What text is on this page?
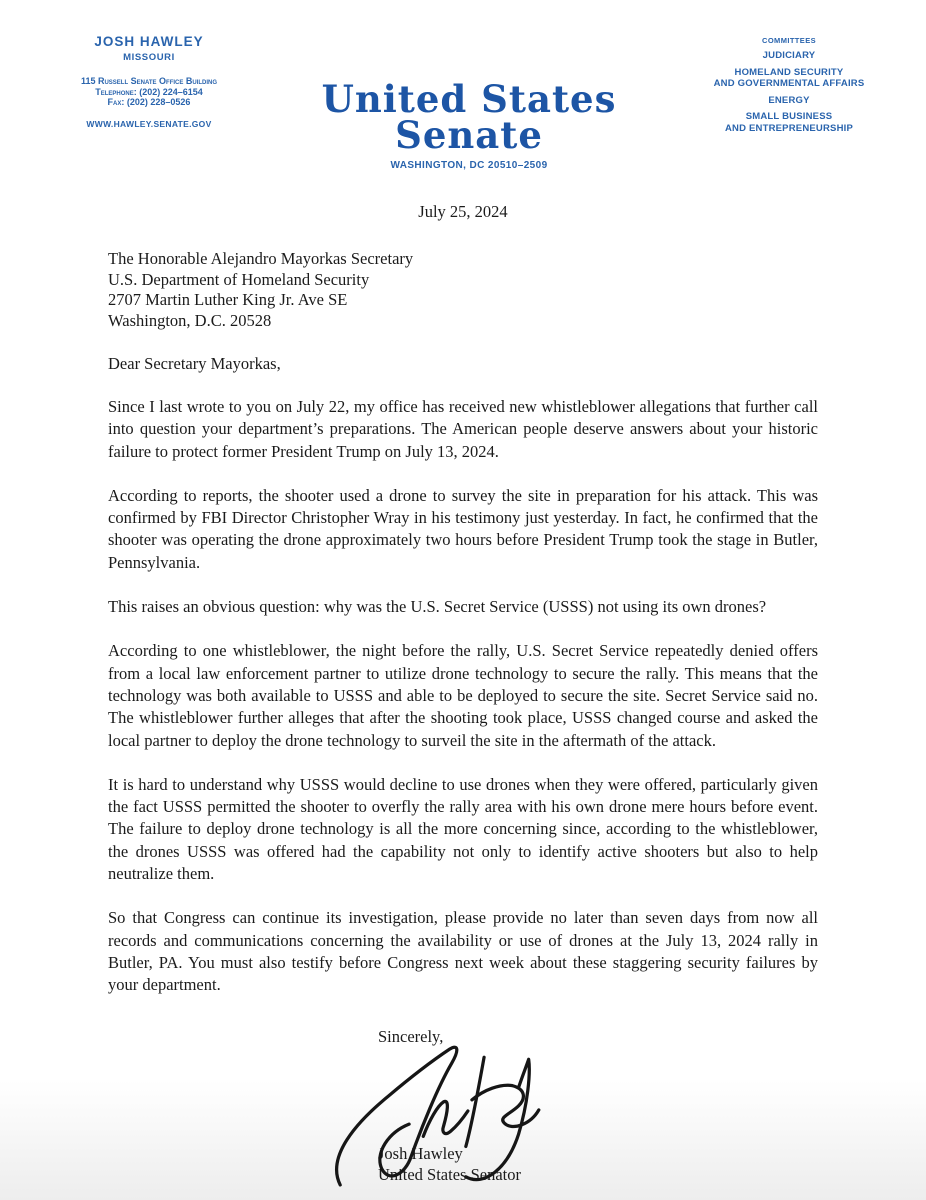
JOSH HAWLEY
MISSOURI
115 Russell Senate Office Building
Telephone: (202) 224–6154
Fax: (202) 228–0526
WWW.HAWLEY.SENATE.GOV
United States Senate
WASHINGTON, DC 20510–2509
COMMITTEES
JUDICIARY
HOMELAND SECURITY
AND GOVERNMENTAL AFFAIRS
ENERGY
SMALL BUSINESS
AND ENTREPRENEURSHIP
July 25, 2024
The Honorable Alejandro Mayorkas Secretary
U.S. Department of Homeland Security
2707 Martin Luther King Jr. Ave SE
Washington, D.C. 20528
Dear Secretary Mayorkas,

Since I last wrote to you on July 22, my office has received new whistleblower allegations that further call into question your department’s preparations. The American people deserve answers about your historic failure to protect former President Trump on July 13, 2024.

According to reports, the shooter used a drone to survey the site in preparation for his attack. This was confirmed by FBI Director Christopher Wray in his testimony just yesterday. In fact, he confirmed that the shooter was operating the drone approximately two hours before President Trump took the stage in Butler, Pennsylvania.

This raises an obvious question: why was the U.S. Secret Service (USSS) not using its own drones?

According to one whistleblower, the night before the rally, U.S. Secret Service repeatedly denied offers from a local law enforcement partner to utilize drone technology to secure the rally. This means that the technology was both available to USSS and able to be deployed to secure the site. Secret Service said no. The whistleblower further alleges that after the shooting took place, USSS changed course and asked the local partner to deploy the drone technology to surveil the site in the aftermath of the attack.

It is hard to understand why USSS would decline to use drones when they were offered, particularly given the fact USSS permitted the shooter to overfly the rally area with his own drone mere hours before event. The failure to deploy drone technology is all the more concerning since, according to the whistleblower, the drones USSS was offered had the capability not only to identify active shooters but also to help neutralize them.

So that Congress can continue its investigation, please provide no later than seven days from now all records and communications concerning the availability or use of drones at the July 13, 2024 rally in Butler, PA. You must also testify before Congress next week about these staggering security failures by your department.

Sincerely,
Josh Hawley
United States Senator
